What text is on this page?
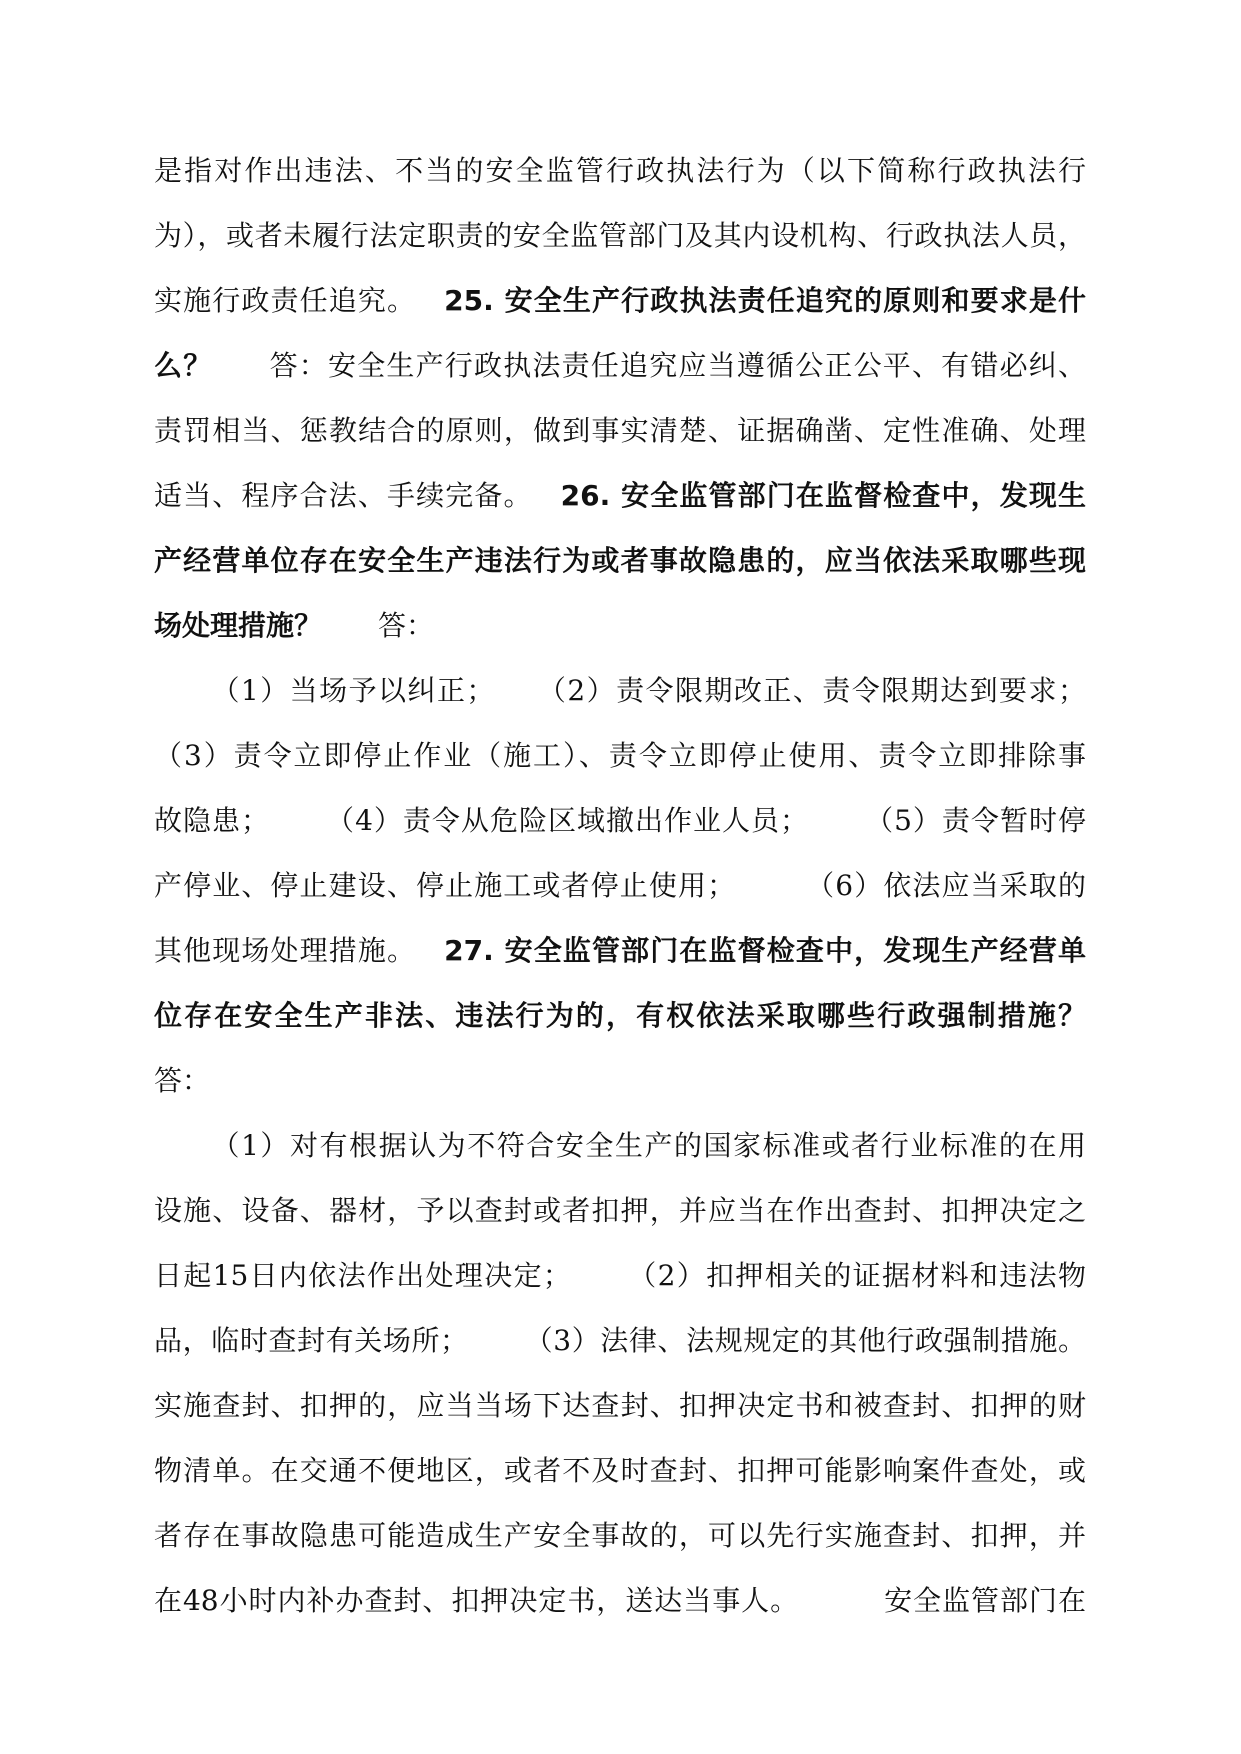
是指对作出违法、不当的安全监管行政执法行为（以下简称行政执法行
为），或者未履行法定职责的安全监管部门及其内设机构、行政执法人员，
实施行政责任追究。 25. 安全生产行政执法责任追究的原则和要求是什
么？ 答：安全生产行政执法责任追究应当遵循公正公平、有错必纠、
责罚相当、惩教结合的原则，做到事实清楚、证据确凿、定性准确、处理
适当、程序合法、手续完备。 26. 安全监管部门在监督检查中，发现生
产经营单位存在安全生产违法行为或者事故隐患的，应当依法采取哪些现
场处理措施？ 答：
（1）当场予以纠正； （2）责令限期改正、责令限期达到要求；
（3）责令立即停止作业（施工）、责令立即停止使用、责令立即排除事
故隐患； （4）责令从危险区域撤出作业人员； （5）责令暂时停
产停业、停止建设、停止施工或者停止使用；	（6）依法应当采取的
其他现场处理措施。 27. 安全监管部门在监督检查中，发现生产经营单
位存在安全生产非法、违法行为的，有权依法采取哪些行政强制措施？
答：
（1）对有根据认为不符合安全生产的国家标准或者行业标准的在用
设施、设备、器材，予以查封或者扣押，并应当在作出查封、扣押决定之
日起15日内依法作出处理决定； （2）扣押相关的证据材料和违法物
品，临时查封有关场所； （3）法律、法规规定的其他行政强制措施。
实施查封、扣押的，应当当场下达查封、扣押决定书和被查封、扣押的财
物清单。在交通不便地区，或者不及时查封、扣押可能影响案件查处，或
者存在事故隐患可能造成生产安全事故的，可以先行实施查封、扣押，并
在48小时内补办查封、扣押决定书，送达当事人。	安全监管部门在
